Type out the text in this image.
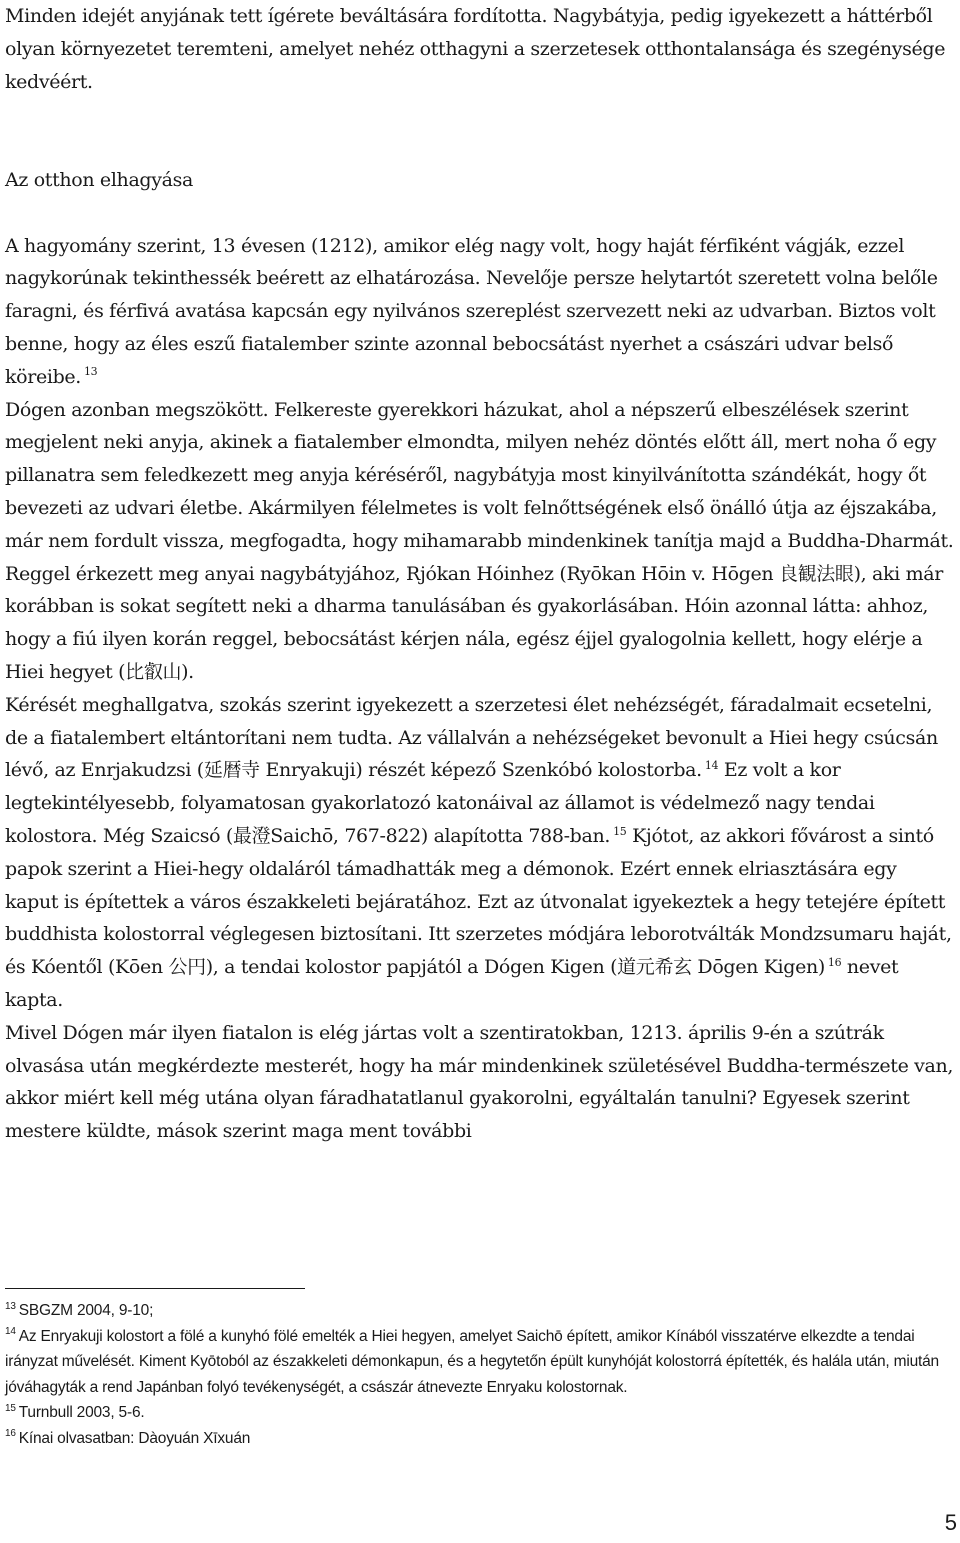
Minden idejét anyjának tett ígérete beváltására fordította. Nagybátyja, pedig igyekezett a háttérből olyan környezetet teremteni, amelyet nehéz otthagyni a szerzetesek otthontalansága és szegénysége kedvéért.

Az otthon elhagyása

A hagyomány szerint, 13 évesen (1212), amikor elég nagy volt, hogy haját férfiként vágják, ezzel nagykorúnak tekinthessék beérett az elhatározása. Nevelője persze helytartót szeretett volna belőle faragni, és férfivá avatása kapcsán egy nyilvános szereplést szervezett neki az udvarban. Biztos volt benne, hogy az éles eszű fiatalember szinte azonnal bebocsátást nyerhet a császári udvar belső köreibe. $^{13}$

Dógen azonban megszökött. Felkereste gyerekkori házukat, ahol a népszerű elbeszélések szerint megjelent neki anyja, akinek a fiatalember elmondta, milyen nehéz döntés előtt áll, mert noha ő egy pillanatra sem feledkezett meg anyja kéréséről, nagybátyja most kinyilvánította szándékát, hogy őt bevezeti az udvari életbe. Akármilyen félelmetes is volt felnőttségének első önálló útja az éjszakába, már nem fordult vissza, megfogadta, hogy mihamarabb mindenkinek tanítja majd a Buddha-Dharmát.

Reggel érkezett meg anyai nagybátyjához, Rjókan Hóinhez (Ryōkan Hōin v. Hōgen 良観法眼), aki már korábban is sokat segített neki a dharma tanulásában és gyakorlásában. Hóin azonnal látta: ahhoz, hogy a fiú ilyen korán reggel, bebocsátást kérjen nála, egész éjjel gyalogolnia kellett, hogy elérje a Hiei hegyet (比叡山).

Kérését meghallgatva, szokás szerint igyekezett a szerzetesi élet nehézségét, fáradalmait ecsetelni, de a fiatalembert eltántorítani nem tudta. Az vállalván a nehézségeket bevonult a Hiei hegy csúcsán lévő, az Enrjakudzsi (延暦寺 Enryakuji) részét képező Szenkóbó kolostorba. $^{14}$ Ez volt a kor legtekintélyesebb, folyamatosan gyakorlatozó katonáival az államot is védelmező nagy tendai kolostora. Még Szaicsó (最澄Saichō, 767-822) alapította 788-ban. $^{15}$ Kjótot, az akkori fővárost a sintó papok szerint a Hiei-hegy oldaláról támadhatták meg a démonok. Ezért ennek elriasztására egy kaput is építettek a város északkeleti bejáratához. Ezt az útvonalat igyekeztek a hegy tetejére épített buddhista kolostorral véglegesen biztosítani. Itt szerzetes módjára leborotválták Mondzsumaru haját, és Kóentől (Kōen 公円), a tendai kolostor papjától a Dógen Kigen (道元希玄 Dōgen Kigen) $^{16}$ nevet kapta.

Mivel Dógen már ilyen fiatalon is elég jártas volt a szentiratokban, 1213. április 9-én a szútrák olvasása után megkérdezte mesterét, hogy ha már mindenkinek születésével Buddha-természete van, akkor miért kell még utána olyan fáradhatatlanul gyakorolni, egyáltalán tanulni? Egyesek szerint mestere küldte, mások szerint maga ment további

$^{13}$ SBGZM 2004, 9-10;

$^{14}$ Az Enryakuji kolostort a fölé a kunyhó fölé emelték a Hiei hegyen, amelyet Saichō épített, amikor Kínából visszatérve elkezdte a tendai irányzat művelését. Kiment Kyōtoból az északkeleti démonkapun, és a hegytetőn épült kunyhóját kolostorrá építették, és halála után, miután jóváhagyták a rend Japánban folyó tevékenységét, a császár átnevezte Enryaku kolostornak.

$^{15}$ Turnbull 2003, 5-6.

$^{16}$ Kínai olvasatban: Dàoyuán Xīxuán

5
